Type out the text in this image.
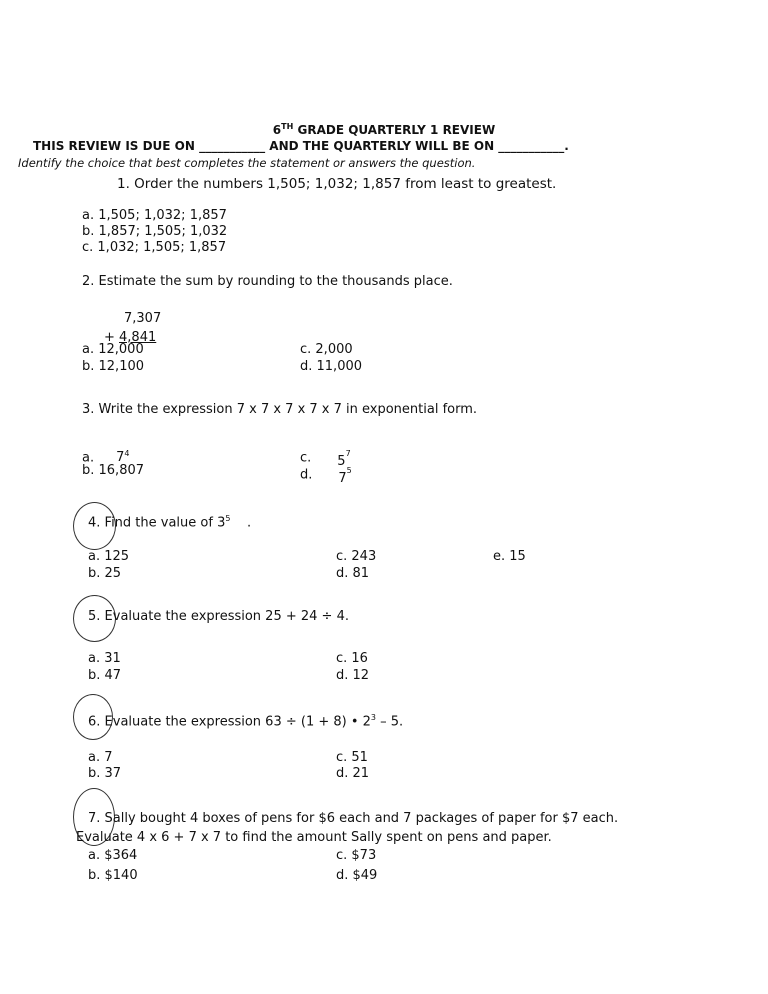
6TH GRADE QUARTERLY 1 REVIEW
THIS REVIEW IS DUE ON ___________ AND THE QUARTERLY WILL BE ON ___________.
Identify the choice that best completes the statement or answers the question.
1. Order the numbers 1,505; 1,032; 1,857 from least to greatest.
a. 1,505; 1,032; 1,857
b. 1,857; 1,505; 1,032
c. 1,032; 1,505; 1,857
2. Estimate the sum by rounding to the thousands place.
7,307
+ 4,841
a. 12,000
b. 12,100
c. 2,000
d. 11,000
3. Write the expression 7 x 7 x 7 x 7 x 7 in exponential form.
a. $7^4$
b. 16,807
c. $5^7$
d. $7^5$
4. Find the value of $3^5$    .
a. 125
b. 25
c. 243
d. 81
e. 15
5. Evaluate the expression 25 + 24 ÷ 4.
a. 31
b. 47
c. 16
d. 12
6. Evaluate the expression 63 ÷ (1 + 8) • $2^3 - 5$.
a. 7
b. 37
c. 51
d. 21
7. Sally bought 4 boxes of pens for $6 each and 7 packages of paper for $7 each.
Evaluate 4 x 6 + 7 x 7 to find the amount Sally spent on pens and paper.
a. $364
b. $140
c. $73
d. $49
